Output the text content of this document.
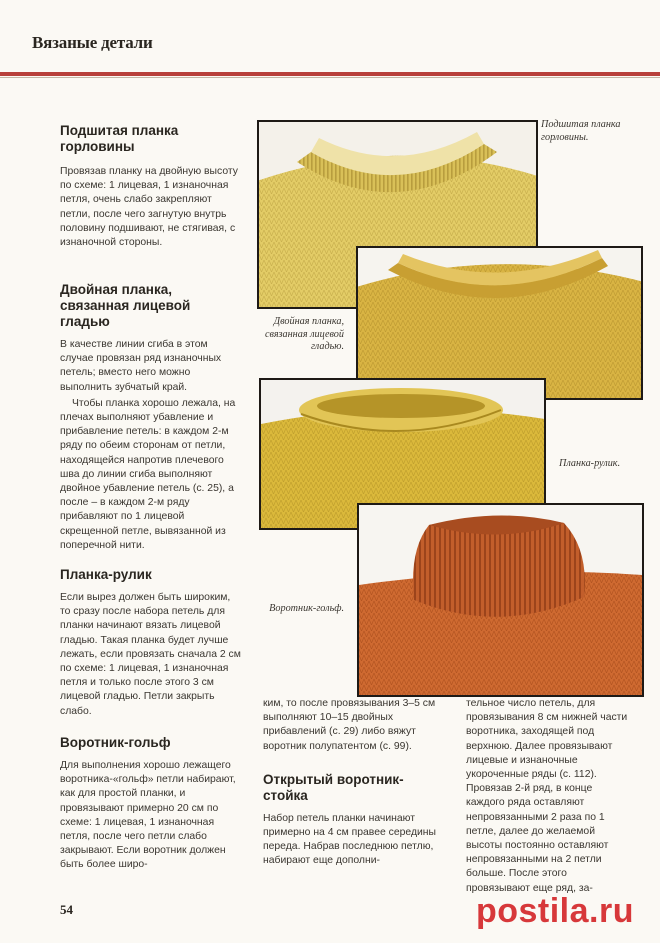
Вязаные детали
Подшитая планка горловины

Провязав планку на двойную высоту по схеме: 1 лицевая, 1 изнаночная петля, очень слабо закрепляют петли, после чего загнутую внутрь половину подшивают, не стягивая, с изнаночной стороны.

Двойная планка, связанная лицевой гладью

В качестве линии сгиба в этом случае провязан ряд изнаночных петель; вместо него можно выполнить зубчатый край.

Чтобы планка хорошо лежала, на плечах выполняют убавление и прибавление петель: в каждом 2-м ряду по обеим сторонам от петли, находящейся напротив плечевого шва до линии сгиба выполняют двойное убавление петель (с. 25), а после – в каждом 2-м ряду прибавляют по 1 лицевой скрещенной петле, вывязанной из поперечной нити.

Планка-рулик

Если вырез должен быть широким, то сразу после набора петель для планки начинают вязать лицевой гладью. Такая планка будет лучше лежать, если провязать сначала 2 см по схеме: 1 лицевая, 1 изнаночная петля и только после этого 3 см лицевой гладью. Петли закрыть слабо.

Воротник-гольф

Для выполнения хорошо лежащего воротника-«гольф» петли набирают, как для простой планки, и провязывают примерно 20 см по схеме: 1 лицевая, 1 изнаночная петля, после чего петли слабо закрывают. Если воротник должен быть более широ-

ким, то после провязывания 3–5 см выполняют 10–15 двойных прибавлений (с. 29) либо вяжут воротник полупатентом (с. 99).

Открытый воротник-стойка

Набор петель планки начинают примерно на 4 см правее середины переда. Набрав последнюю петлю, набирают еще дополни-

тельное число петель, для провязывания 8 см нижней части воротника, заходящей под верхнюю. Далее провязывают лицевые и изнаночные укороченные ряды (с. 112). Провязав 2-й ряд, в конце каждого ряда оставляют непровязанными 2 раза по 1 петле, далее до желаемой высоты постоянно оставляют непровязанными на 2 петли больше. После этого провязывают еще ряд, за-

Подшитая планка горловины.
Двойная планка, связанная лицевой гладью.
Планка-рулик.
Воротник-гольф.
54	postila.ru
